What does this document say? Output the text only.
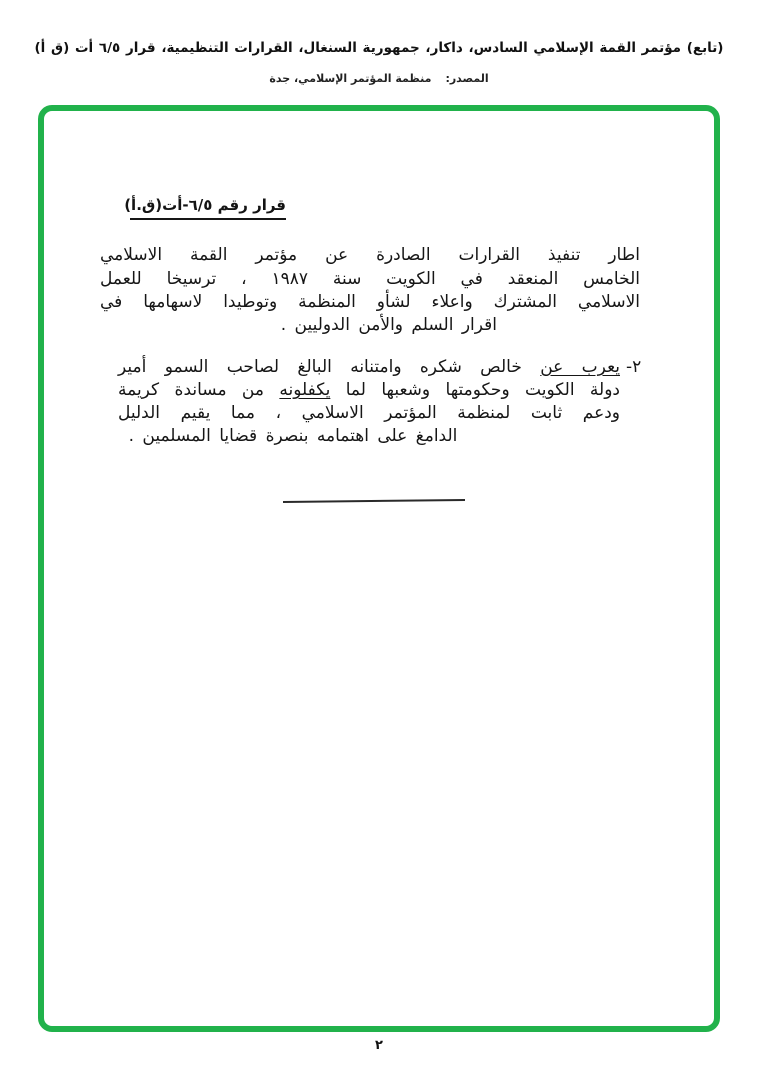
(تابع) مؤتمر القمة الإسلامي السادس، داكار، جمهورية السنغال، القرارات التنظيمية، قرار ٦/٥ أت (ق أ)
المصدر:منظمة المؤتمر الإسلامي، جدة
قرار رقم ٦/٥-أت(ق.أ)
اطار تنفيذ القرارات الصادرة عن مؤتمر القمة الاسلامي
الخامس المنعقد في الكويت سنة ١٩٨٧ ، ترسيخا للعمل
الاسلامي المشترك واعلاء لشأو المنظمة وتوطيدا لاسهامها في
اقرار السلم والأمن الدوليين .
٢-
يعرب عن خالص شكره وامتنانه البالغ لصاحب السمو أمير
دولة الكويت وحكومتها وشعبها لما يكفلونه من مساندة كريمة
ودعم ثابت لمنظمة المؤتمر الاسلامي ، مما يقيم الدليل
الدامغ على اهتمامه بنصرة قضايا المسلمين .
٢
